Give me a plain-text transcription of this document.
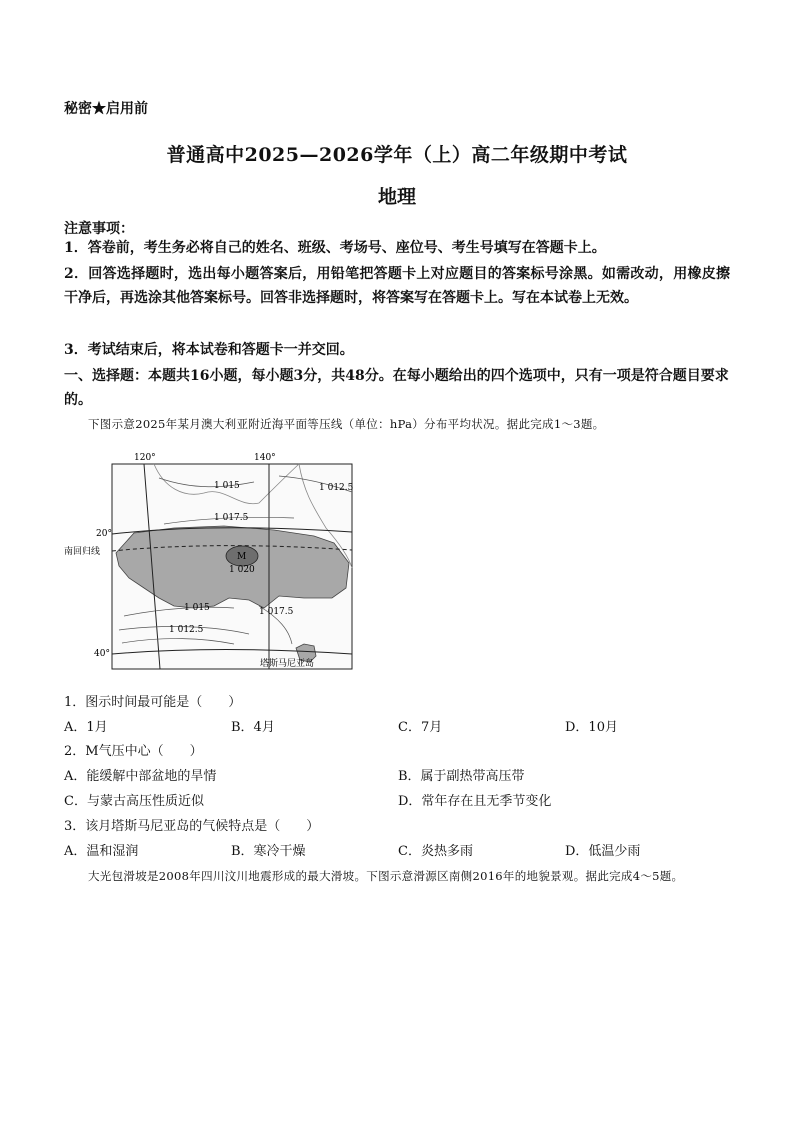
秘密★启用前
普通高中2025—2026学年（上）高二年级期中考试
地理
注意事项：
1．答卷前，考生务必将自己的姓名、班级、考场号、座位号、考生号填写在答题卡上。
2．回答选择题时，选出每小题答案后，用铅笔把答题卡上对应题目的答案标号涂黑。如需改动，用橡皮擦干净后，再选涂其他答案标号。回答非选择题时，将答案写在答题卡上。写在本试卷上无效。
3．考试结束后，将本试卷和答题卡一并交回。
一、选择题：本题共16小题，每小题3分，共48分。在每小题给出的四个选项中，只有一项是符合题目要求的。
下图示意2025年某月澳大利亚附近海平面等压线（单位：hPa）分布平均状况。据此完成1～3题。
120°	140°
20°
40°
南回归线
1 015	1 012.5
1 017.5
1 020
1 015	1 017.5
1 012.5
M
塔斯马尼亚岛
1．图示时间最可能是（　　）
A．1月	B．4月	C．7月	D．10月
2．M气压中心（　　）
A．能缓解中部盆地的旱情	B．属于副热带高压带
C．与蒙古高压性质近似	D．常年存在且无季节变化
3．该月塔斯马尼亚岛的气候特点是（　　）
A．温和湿润	B．寒冷干燥	C．炎热多雨	D．低温少雨
大光包滑坡是2008年四川汶川地震形成的最大滑坡。下图示意滑源区南侧2016年的地貌景观。据此完成4～5题。
